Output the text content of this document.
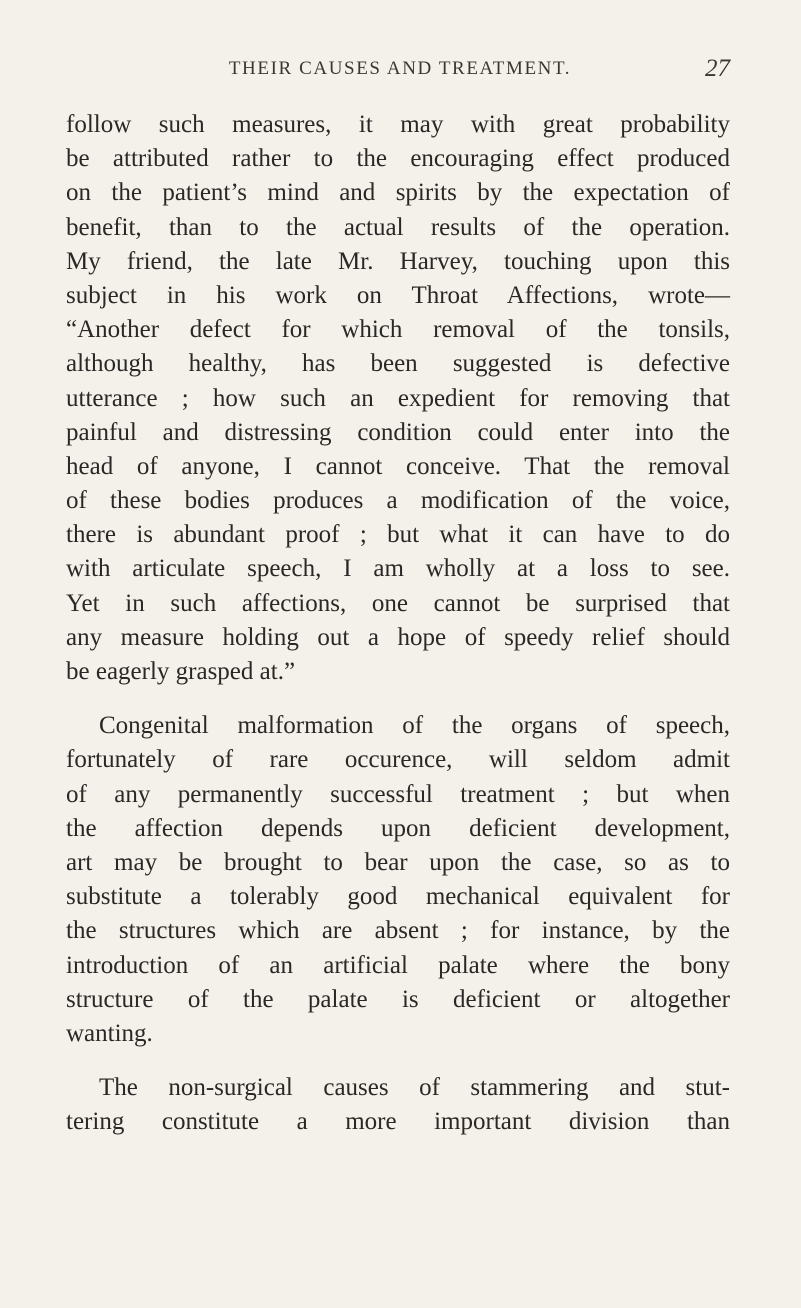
THEIR CAUSES AND TREATMENT.	27
follow such measures, it may with great probability
be attributed rather to the encouraging effect produced
on the patient’s mind and spirits by the expectation of
benefit, than to the actual results of the operation.
My friend, the late Mr. Harvey, touching upon this
subject in his work on Throat Affections, wrote—
“Another defect for which removal of the tonsils,
although healthy, has been suggested is defective
utterance ; how such an expedient for removing that
painful and distressing condition could enter into the
head of anyone, I cannot conceive. That the removal
of these bodies produces a modification of the voice,
there is abundant proof ; but what it can have to do
with articulate speech, I am wholly at a loss to see.
Yet in such affections, one cannot be surprised that
any measure holding out a hope of speedy relief should
be eagerly grasped at.”
Congenital malformation of the organs of speech,
fortunately of rare occurence, will seldom admit
of any permanently successful treatment ; but when
the affection depends upon deficient development,
art may be brought to bear upon the case, so as to
substitute a tolerably good mechanical equivalent for
the structures which are absent ; for instance, by the
introduction of an artificial palate where the bony
structure of the palate is deficient or altogether
wanting.
The non-surgical causes of stammering and stut-
tering constitute a more important division than
